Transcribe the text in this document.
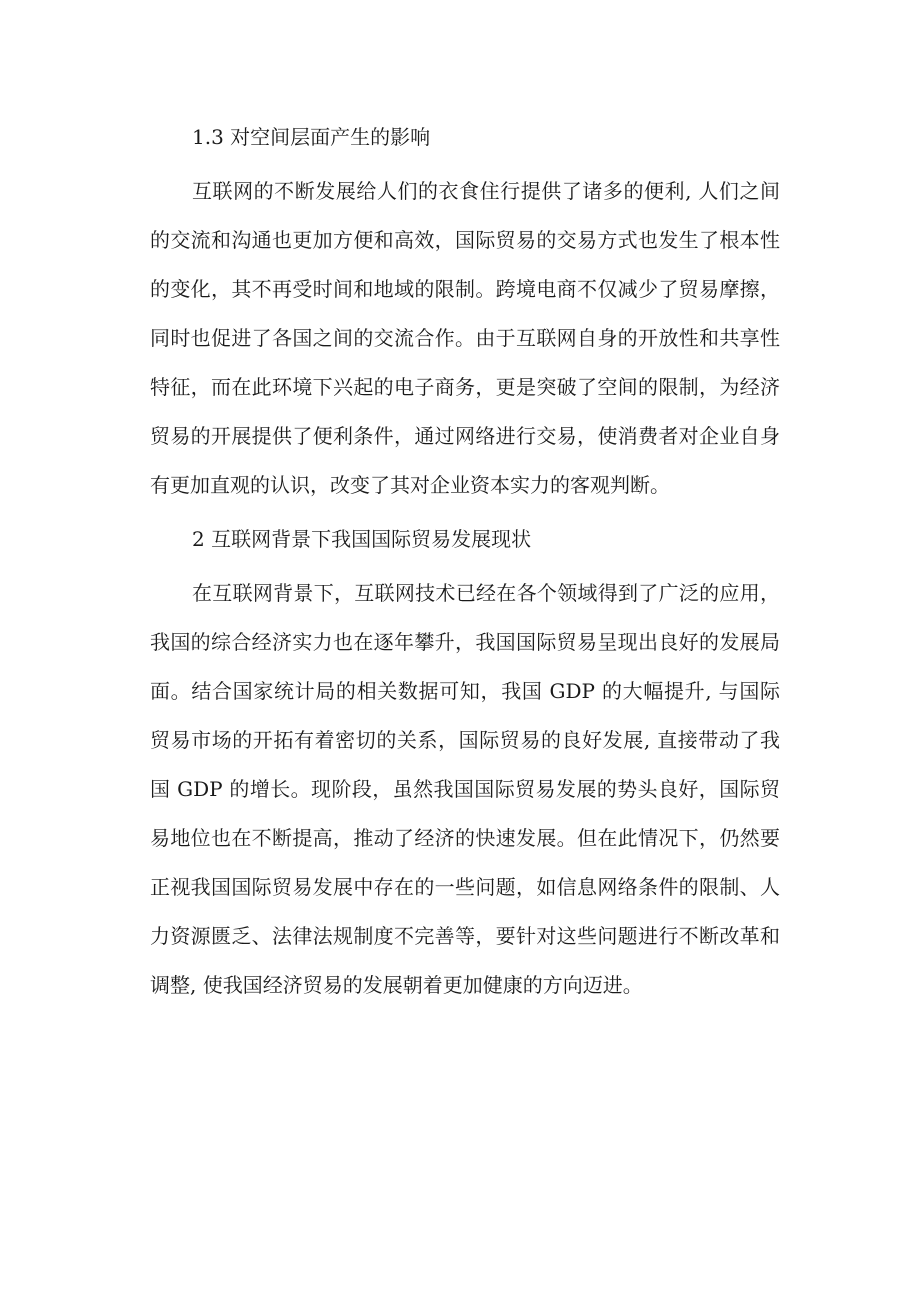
1.3 对空间层面产生的影响

互联网的不断发展给人们的衣食住行提供了诸多的便利, 人们之间的交流和沟通也更加方便和高效，国际贸易的交易方式也发生了根本性的变化，其不再受时间和地域的限制。跨境电商不仅减少了贸易摩擦，同时也促进了各国之间的交流合作。由于互联网自身的开放性和共享性特征，而在此环境下兴起的电子商务，更是突破了空间的限制，为经济贸易的开展提供了便利条件，通过网络进行交易，使消费者对企业自身有更加直观的认识，改变了其对企业资本实力的客观判断。

2 互联网背景下我国国际贸易发展现状

在互联网背景下，互联网技术已经在各个领域得到了广泛的应用，我国的综合经济实力也在逐年攀升，我国国际贸易呈现出良好的发展局面。结合国家统计局的相关数据可知，我国 GDP 的大幅提升, 与国际贸易市场的开拓有着密切的关系，国际贸易的良好发展, 直接带动了我国 GDP 的增长。现阶段，虽然我国国际贸易发展的势头良好，国际贸易地位也在不断提高，推动了经济的快速发展。但在此情况下，仍然要正视我国国际贸易发展中存在的一些问题，如信息网络条件的限制、人力资源匮乏、法律法规制度不完善等，要针对这些问题进行不断改革和调整, 使我国经济贸易的发展朝着更加健康的方向迈进。
